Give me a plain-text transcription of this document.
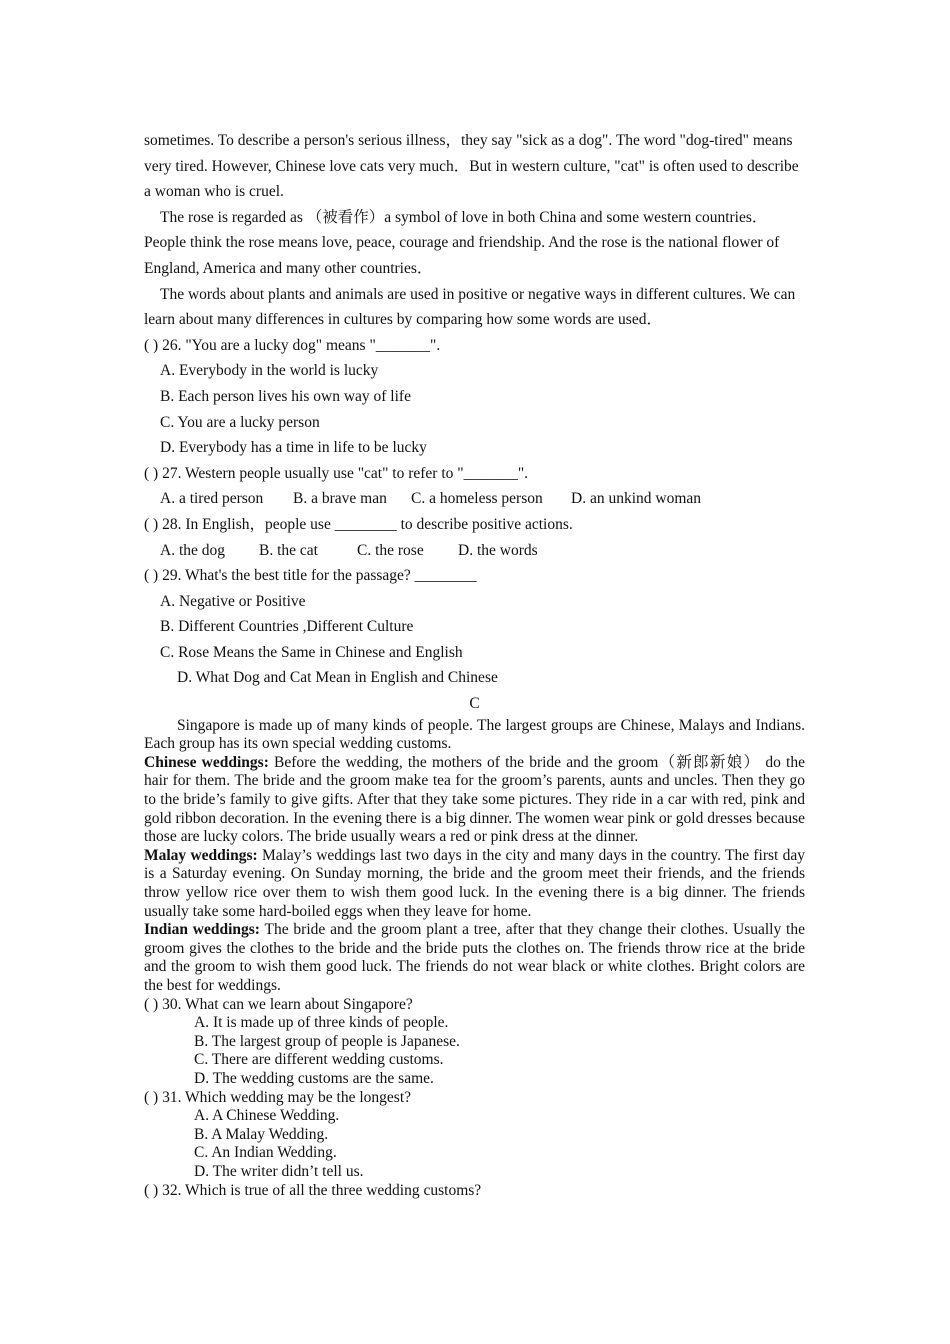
sometimes. To describe a person's serious illness，they say "sick as a dog". The word "dog-tired" means very tired. However, Chinese love cats very much．But in western culture, "cat" is often used to describe a woman who is cruel.

The rose is regarded as （被看作）a symbol of love in both China and some western countries．People think the rose means love, peace, courage and friendship. And the rose is the national flower of England, America and many other countries．

The words about plants and animals are used in positive or negative ways in different cultures. We can learn about many differences in cultures by comparing how some words are used．

( ) 26. "You are a lucky dog" means "_______".

A. Everybody in the world is lucky

B. Each person lives his own way of life

C. You are a lucky person

D. Everybody has a time in life to be lucky

( ) 27. Western people usually use "cat" to refer to "_______".

A. a tired person	B. a brave man	C. a homeless person	D. an unkind woman

( ) 28. In English，people use ________ to describe positive actions.

A. the dog	B. the cat	C. the rose	D. the words

( ) 29. What's the best title for the passage? ________

A. Negative or Positive

B. Different Countries ,Different Culture

C. Rose Means the Same in Chinese and English

D. What Dog and Cat Mean in English and Chinese

C

Singapore is made up of many kinds of people. The largest groups are Chinese, Malays and Indians. Each group has its own special wedding customs.

Chinese weddings: Before the wedding, the mothers of the bride and the groom（新郎新娘） do the hair for them. The bride and the groom make tea for the groom’s parents, aunts and uncles. Then they go to the bride’s family to give gifts. After that they take some pictures. They ride in a car with red, pink and gold ribbon decoration. In the evening there is a big dinner. The women wear pink or gold dresses because those are lucky colors. The bride usually wears a red or pink dress at the dinner.

Malay weddings: Malay’s weddings last two days in the city and many days in the country. The first day is a Saturday evening. On Sunday morning, the bride and the groom meet their friends, and the friends throw yellow rice over them to wish them good luck. In the evening there is a big dinner. The friends usually take some hard-boiled eggs when they leave for home.

Indian weddings: The bride and the groom plant a tree, after that they change their clothes. Usually the groom gives the clothes to the bride and the bride puts the clothes on. The friends throw rice at the bride and the groom to wish them good luck. The friends do not wear black or white clothes. Bright colors are the best for weddings.

( ) 30. What can we learn about Singapore?

A. It is made up of three kinds of people.

B. The largest group of people is Japanese.

C. There are different wedding customs.

D. The wedding customs are the same.

( ) 31. Which wedding may be the longest?

A. A Chinese Wedding.

B. A Malay Wedding.

C. An Indian Wedding.

D. The writer didn’t tell us.

( ) 32. Which is true of all the three wedding customs?
